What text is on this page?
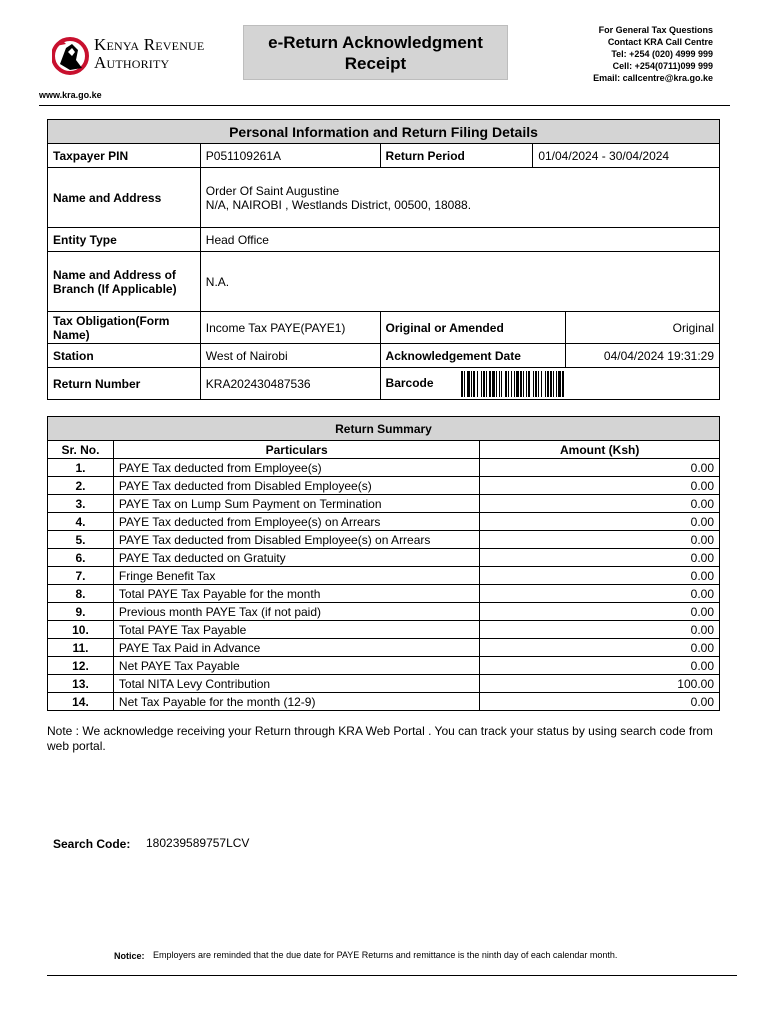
Kenya Revenue
Authority
e-Return Acknowledgment
Receipt
For General Tax Questions
Contact KRA Call Centre
Tel: +254 (020) 4999 999
Cell: +254(0711)099 999
Email: callcentre@kra.go.ke
www.kra.go.ke
Personal Information and Return Filing Details				
Taxpayer PIN	P051109261A	Return Period	01/04/2024 - 30/04/2024	
Name and Address	Order Of Saint Augustine
N/A, NAIROBI , Westlands District, 00500, 18088.			

Entity Type	Head Office			

Name and Address of
Branch (If Applicable)	N.A.			

Tax Obligation(Form
Name)	Income Tax PAYE(PAYE1)	Original or Amended		Original
Station	West of Nairobi	Acknowledgement Date		04/04/2024 19:31:29
Return Number	KRA202430487536	Barcode		
Return Summary		
Sr. No.	Particulars	Amount (Ksh)
1.	PAYE Tax deducted from Employee(s)	0.00
2.	PAYE Tax deducted from Disabled Employee(s)	0.00
3.	PAYE Tax on Lump Sum Payment on Termination	0.00
4.	PAYE Tax deducted from Employee(s) on Arrears	0.00
5.	PAYE Tax deducted from Disabled Employee(s) on Arrears	0.00
6.	PAYE Tax deducted on Gratuity	0.00
7.	Fringe Benefit Tax	0.00
8.	Total PAYE Tax Payable for the month	0.00
9.	Previous month PAYE Tax (if not paid)	0.00
10.	Total PAYE Tax Payable	0.00
11.	PAYE Tax Paid in Advance	0.00
12.	Net PAYE Tax Payable	0.00
13.	Total NITA Levy Contribution	100.00
14.	Net Tax Payable for the month (12-9)	0.00
Note : We acknowledge receiving your Return through KRA Web Portal . You can track your status by using search code from web portal.
Search Code: 180239589757LCV
Notice: Employers are reminded that the due date for PAYE Returns and remittance is the ninth day of each calendar month.
